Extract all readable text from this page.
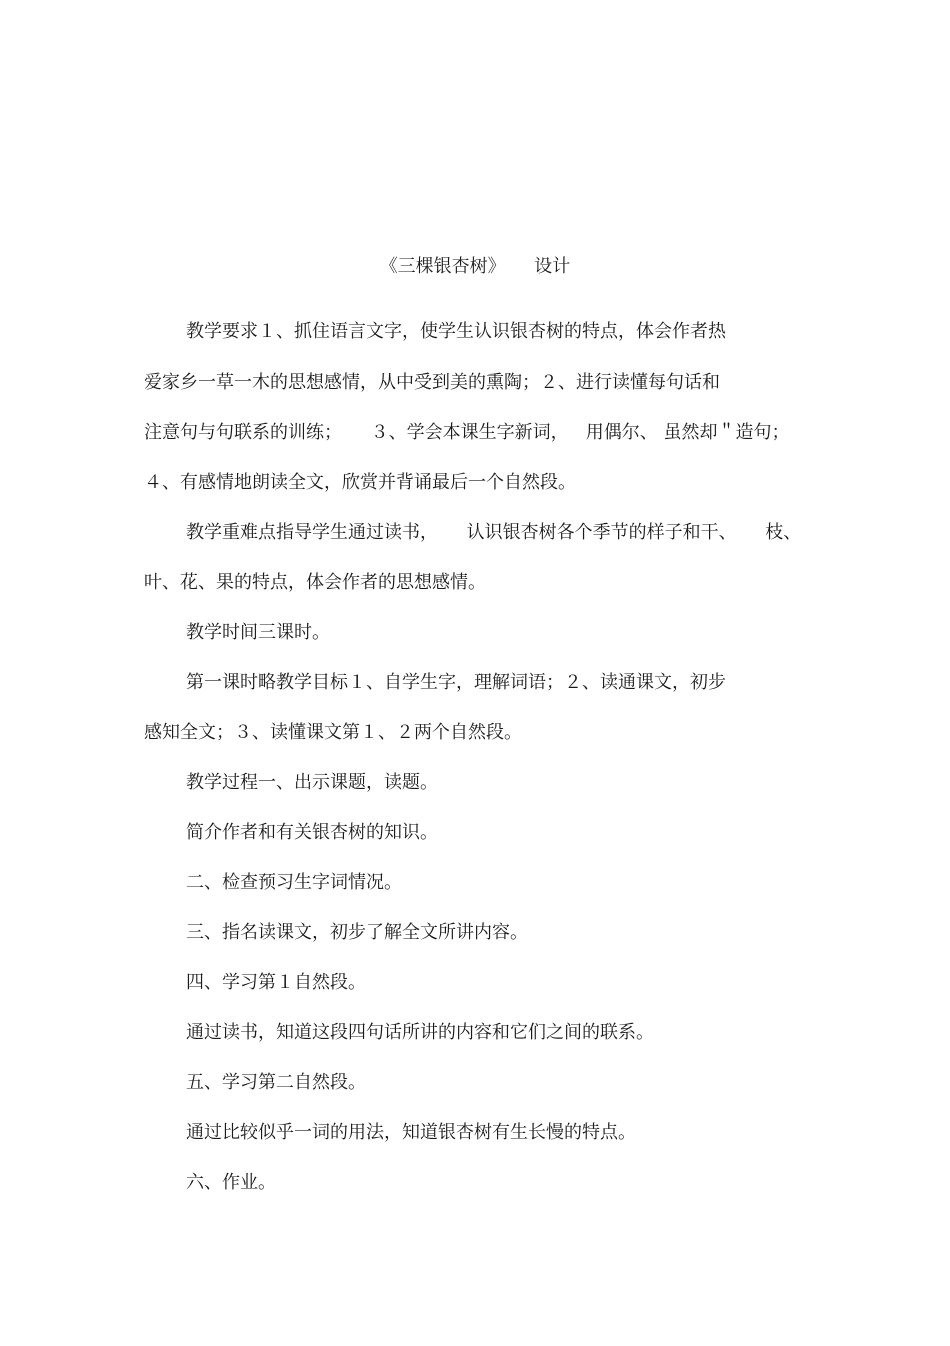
《三棵银杏树》     设计
教学要求１、抓住语言文字，使学生认识银杏树的特点，体会作者热
爱家乡一草一木的思想感情，从中受到美的熏陶；２、进行读懂每句话和
注意句与句联系的训练；     ３、学会本课生字新词，   用偶尔、 虽然却＂造句；
４、有感情地朗读全文，欣赏并背诵最后一个自然段。
教学重难点指导学生通过读书，     认识银杏树各个季节的样子和干、     枝、
叶、花、果的特点，体会作者的思想感情。
教学时间三课时。
第一课时略教学目标１、自学生字，理解词语；２、读通课文，初步
感知全文；３、读懂课文第１、２两个自然段。
教学过程一、出示课题，读题。
简介作者和有关银杏树的知识。
二、检查预习生字词情况。
三、指名读课文，初步了解全文所讲内容。
四、学习第１自然段。
通过读书，知道这段四句话所讲的内容和它们之间的联系。
五、学习第二自然段。
通过比较似乎一词的用法，知道银杏树有生长慢的特点。
六、作业。
